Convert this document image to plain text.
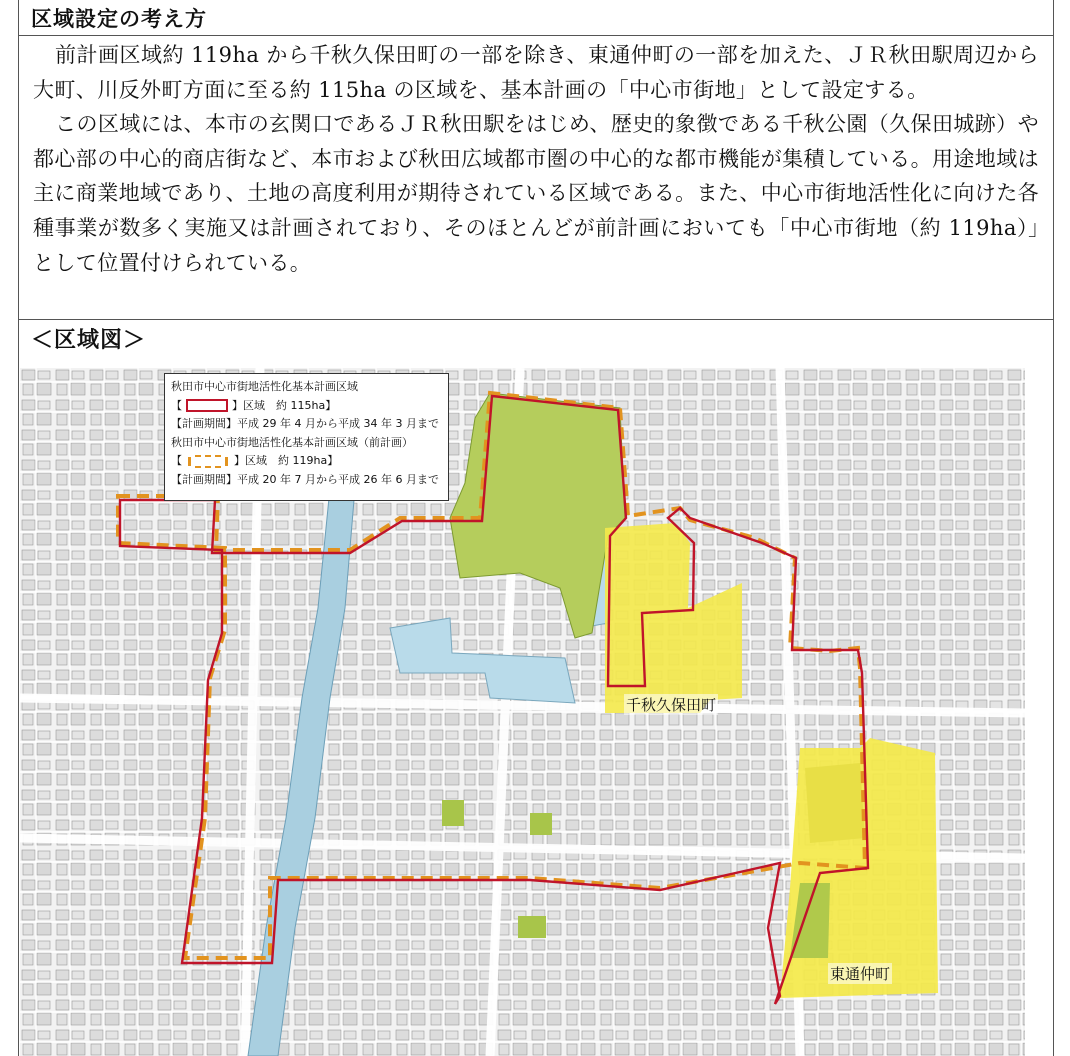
区域設定の考え方

前計画区域約 119ha から千秋久保田町の一部を除き、東通仲町の一部を加えた、ＪＲ秋田駅周辺から大町、川反外町方面に至る約 115ha の区域を、基本計画の「中心市街地」として設定する。

この区域には、本市の玄関口であるＪＲ秋田駅をはじめ、歴史的象徴である千秋公園（久保田城跡）や都心部の中心的商店街など、本市および秋田広域都市圏の中心的な都市機能が集積している。用途地域は主に商業地域であり、土地の高度利用が期待されている区域である。また、中心市街地活性化に向けた各種事業が数多く実施又は計画されており、そのほとんどが前計画においても「中心市街地（約 119ha）」として位置付けられている。

＜区域図＞
秋田市中心市街地活性化基本計画区域
【	】区域　約 115ha】
【計画期間】平成 29 年 4 月から平成 34 年 3 月まで
秋田市中心市街地活性化基本計画区域（前計画）
【	】区域　約 119ha】
【計画期間】平成 20 年 7 月から平成 26 年 6 月まで
千秋久保田町
東通仲町
